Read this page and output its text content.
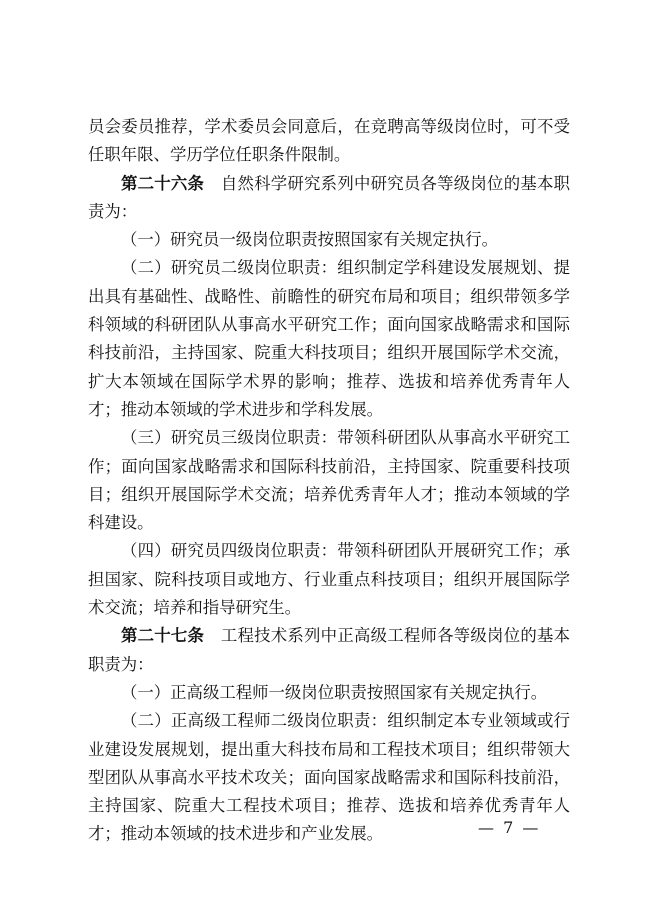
员会委员推荐，学术委员会同意后，在竞聘高等级岗位时，可不受任职年限、学历学位任职条件限制。

第二十六条　自然科学研究系列中研究员各等级岗位的基本职责为：

（一）研究员一级岗位职责按照国家有关规定执行。

（二）研究员二级岗位职责：组织制定学科建设发展规划、提出具有基础性、战略性、前瞻性的研究布局和项目；组织带领多学科领域的科研团队从事高水平研究工作；面向国家战略需求和国际科技前沿，主持国家、院重大科技项目；组织开展国际学术交流，扩大本领域在国际学术界的影响；推荐、选拔和培养优秀青年人才；推动本领域的学术进步和学科发展。

（三）研究员三级岗位职责：带领科研团队从事高水平研究工作；面向国家战略需求和国际科技前沿，主持国家、院重要科技项目；组织开展国际学术交流；培养优秀青年人才；推动本领域的学科建设。

（四）研究员四级岗位职责：带领科研团队开展研究工作；承担国家、院科技项目或地方、行业重点科技项目；组织开展国际学术交流；培养和指导研究生。

第二十七条　工程技术系列中正高级工程师各等级岗位的基本职责为：

（一）正高级工程师一级岗位职责按照国家有关规定执行。

（二）正高级工程师二级岗位职责：组织制定本专业领域或行业建设发展规划，提出重大科技布局和工程技术项目；组织带领大型团队从事高水平技术攻关；面向国家战略需求和国际科技前沿，主持国家、院重大工程技术项目；推荐、选拔和培养优秀青年人才；推动本领域的技术进步和产业发展。	— 7 —
